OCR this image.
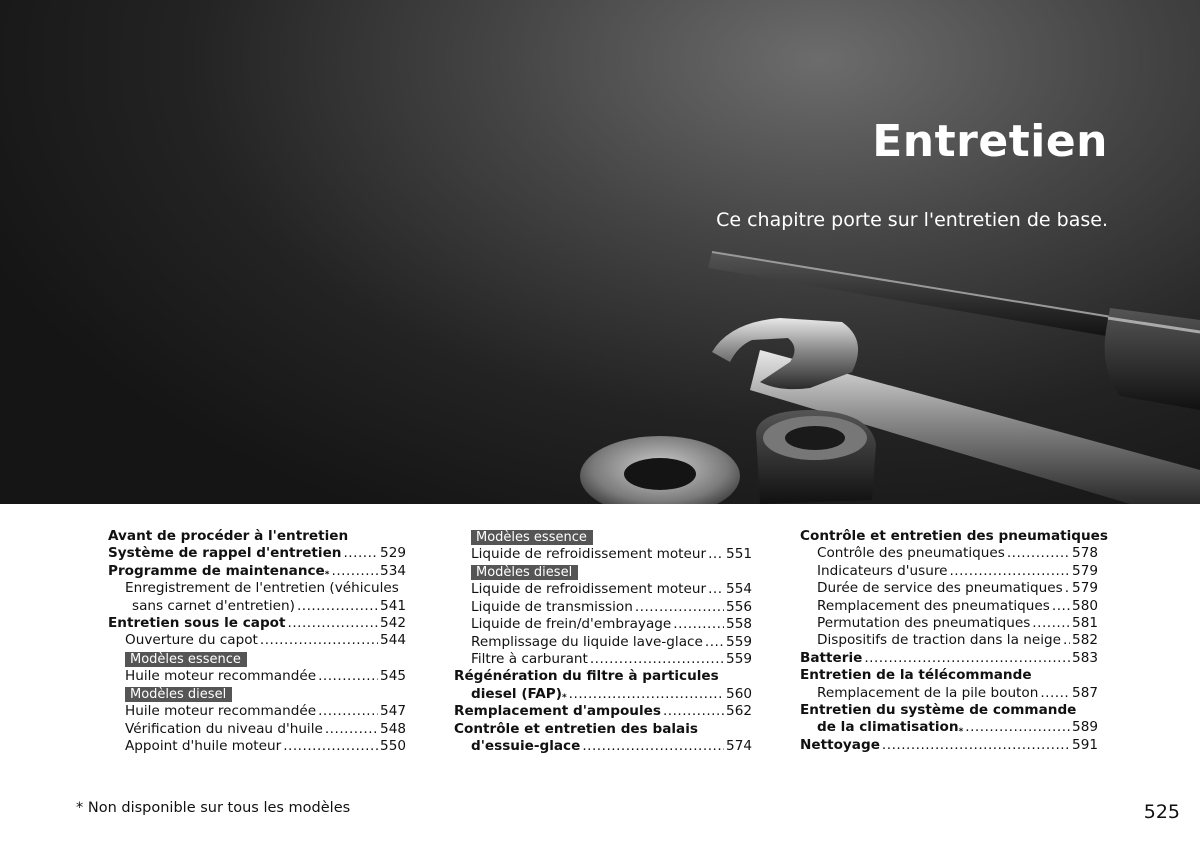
Entretien

Ce chapitre porte sur l'entretien de base.

Avant de procéder à l'entretien
Système de rappel d'entretien .....	529
Programme de maintenance$_*$ .....	534
Enregistrement de l'entretien (véhicules
sans carnet d'entretien) .....	541
Entretien sous le capot .....	542
Ouverture du capot .....	544
Modèles essence
Huile moteur recommandée .....	545
Modèles diesel
Huile moteur recommandée .....	547
Vérification du niveau d'huile .....	548
Appoint d'huile moteur .....	550
Modèles essence
Liquide de refroidissement moteur ..... 551
Modèles diesel
Liquide de refroidissement moteur ..... 554
Liquide de transmission .....	556
Liquide de frein/d'embrayage .....	558
Remplissage du liquide lave-glace ..... 559
Filtre à carburant .....	559
Régénération du filtre à particules
diesel $(FAP)_*$ .....	560
Remplacement d'ampoules .....	562
Contrôle et entretien des balais
d'essuie-glace .....	574
Contrôle et entretien des pneumatiques
Contrôle des pneumatiques .....	578
Indicateurs d'usure .....	579
Durée de service des pneumatiques ..... 579
Remplacement des pneumatiques ..... 580
Permutation des pneumatiques .....	581
Dispositifs de traction dans la neige ..... 582
Batterie .....	583
Entretien de la télécommande
Remplacement de la pile bouton ..... 587
Entretien du système de commande
de la climatisation$_*$ .....	589
Nettoyage .....	591

* Non disponible sur tous les modèles	525
